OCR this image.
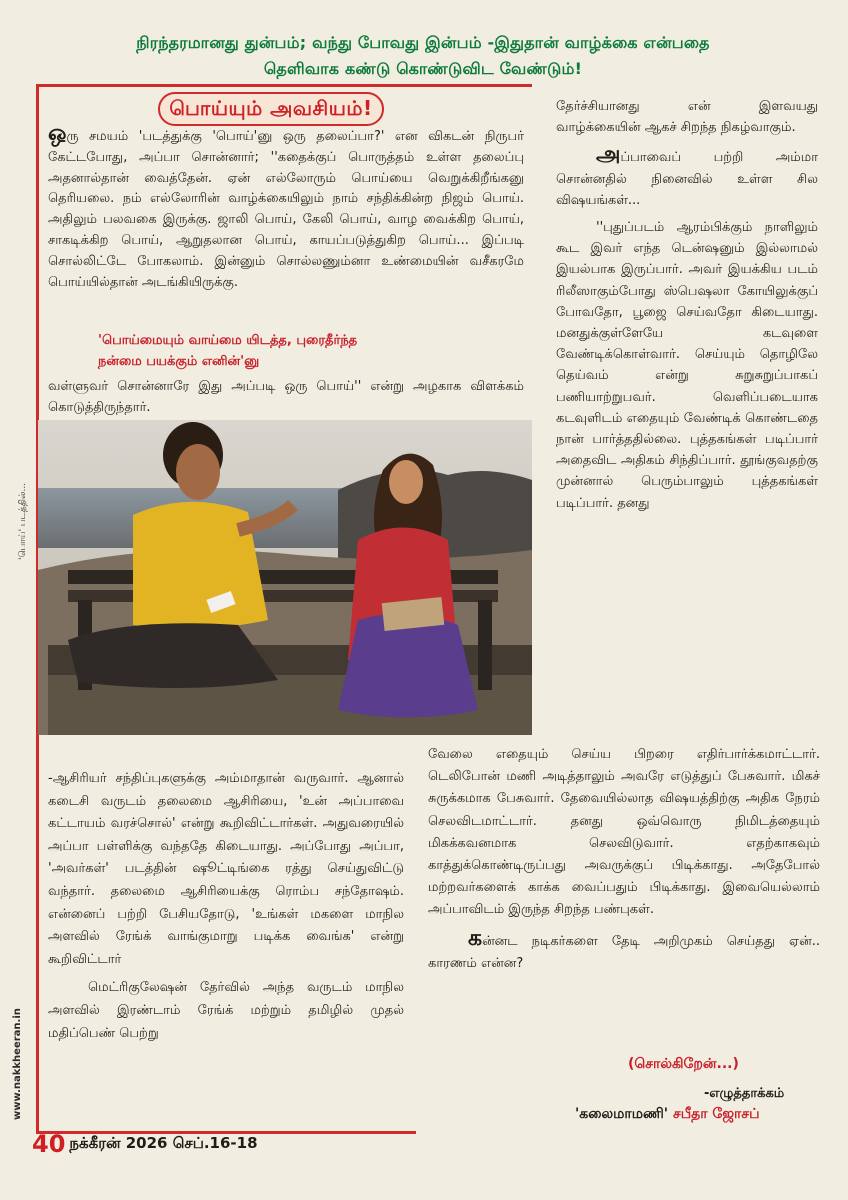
நிரந்தரமானது துன்பம்; வந்து போவது இன்பம் -இதுதான் வாழ்க்கை என்பதை
தெளிவாக கண்டு கொண்டுவிட வேண்டும்!
பொய்யும் அவசியம்!
ஒரு சமயம் 'படத்துக்கு 'பொய்'னு ஒரு தலைப்பா?' என விகடன் நிருபர் கேட்டபோது, அப்பா சொன்னார்; ''கதைக்குப் பொருத்தம் உள்ள தலைப்பு அதனால்தான் வைத்தேன். ஏன் எல்லோரும் பொய்யை வெறுக்கிறீங்கனு தெரியலை. நம் எல்லோரின் வாழ்க்கையிலும் நாம் சந்திக்கின்ற நிஜம் பொய். அதிலும் பலவகை இருக்கு. ஜாலி பொய், கேலி பொய், வாழ வைக்கிற பொய், சாகடிக்கிற பொய், ஆறுதலான பொய், காயப்படுத்துகிற பொய்... இப்படி சொல்லிட்டே போகலாம். இன்னும் சொல்லணும்னா உண்மையின் வசீகரமே பொய்யில்தான் அடங்கியிருக்கு.
'பொய்மையும் வாய்மை யிடத்த, புரைதீர்ந்த
நன்மை பயக்கும் எனின்'னு
வள்ளுவர் சொன்னாரே இது அப்படி ஒரு பொய்'' என்று அழகாக விளக்கம் கொடுத்திருந்தார்.

தேர்ச்சியானது என் இளவயது வாழ்க்கையின் ஆகச் சிறந்த நிகழ்வாகும்.

அப்பாவைப் பற்றி அம்மா சொன்னதில் நினைவில் உள்ள சில விஷயங்கள்...

''புதுப்படம் ஆரம்பிக்கும் நாளிலும் கூட இவர் எந்த டென்ஷனும் இல்லாமல் இயல்பாக இருப்பார். அவர் இயக்கிய படம் ரிலீஸாகும்போது ஸ்பெஷலா கோயிலுக்குப் போவதோ, பூஜை செய்வதோ கிடையாது. மனதுக்குள்ளேயே கடவுளை வேண்டிக்கொள்வார். செய்யும் தொழிலே தெய்வம் என்று சுறுசுறுப்பாகப் பணியாற்றுபவர். வெளிப்படையாக கடவுளிடம் எதையும் வேண்டிக் கொண்டதை நான் பார்த்ததில்லை. புத்தகங்கள் படிப்பார் அதைவிட அதிகம் சிந்திப்பார். தூங்குவதற்கு முன்னால் பெரும்பாலும் புத்தகங்கள் படிப்பார். தனது

வேலை எதையும் செய்ய பிறரை எதிர்பார்க்கமாட்டார். டெலிபோன் மணி அடித்தாலும் அவரே எடுத்துப் பேசுவார். மிகச் சுருக்கமாக பேசுவார். தேவையில்லாத விஷயத்திற்கு அதிக நேரம் செலவிடமாட்டார். தனது ஒவ்வொரு நிமிடத்தையும் மிகக்கவனமாக செலவிடுவார். எதற்காகவும் காத்துக்கொண்டிருப்பது அவருக்குப் பிடிக்காது. அதேபோல் மற்றவர்களைக் காக்க வைப்பதும் பிடிக்காது. இவையெல்லாம் அப்பாவிடம் இருந்த சிறந்த பண்புகள்.
கன்னட நடிகர்களை தேடி அறிமுகம் செய்தது ஏன்.. காரணம் என்ன?

-ஆசிரியர் சந்திப்புகளுக்கு அம்மாதான் வருவார். ஆனால் கடைசி வருடம் தலைமை ஆசிரியை, 'உன் அப்பாவை கட்டாயம் வரச்சொல்' என்று கூறிவிட்டார்கள். அதுவரையில் அப்பா பள்ளிக்கு வந்ததே கிடையாது. அப்போது அப்பா, 'அவர்கள்' படத்தின் ஷூட்டிங்கை ரத்து செய்துவிட்டு வந்தார். தலைமை ஆசிரியைக்கு ரொம்ப சந்தோஷம். என்னைப் பற்றி பேசியதோடு, 'உங்கள் மகளை மாநில அளவில் ரேங்க் வாங்குமாறு படிக்க வைங்க' என்று கூறிவிட்டார்

மெட்ரிகுலேஷன் தேர்வில் அந்த வருடம் மாநில அளவில் இரண்டாம் ரேங்க் மற்றும் தமிழில் முதல் மதிப்பெண் பெற்று

(சொல்கிறேன்...)
-எழுத்தாக்கம்
'கலைமாமணி' சபீதா ஜோசப்
www.nakkheeran.in
'பொய்' படத்தில்...
40 நக்கீரன் 2026 செப்.16-18
